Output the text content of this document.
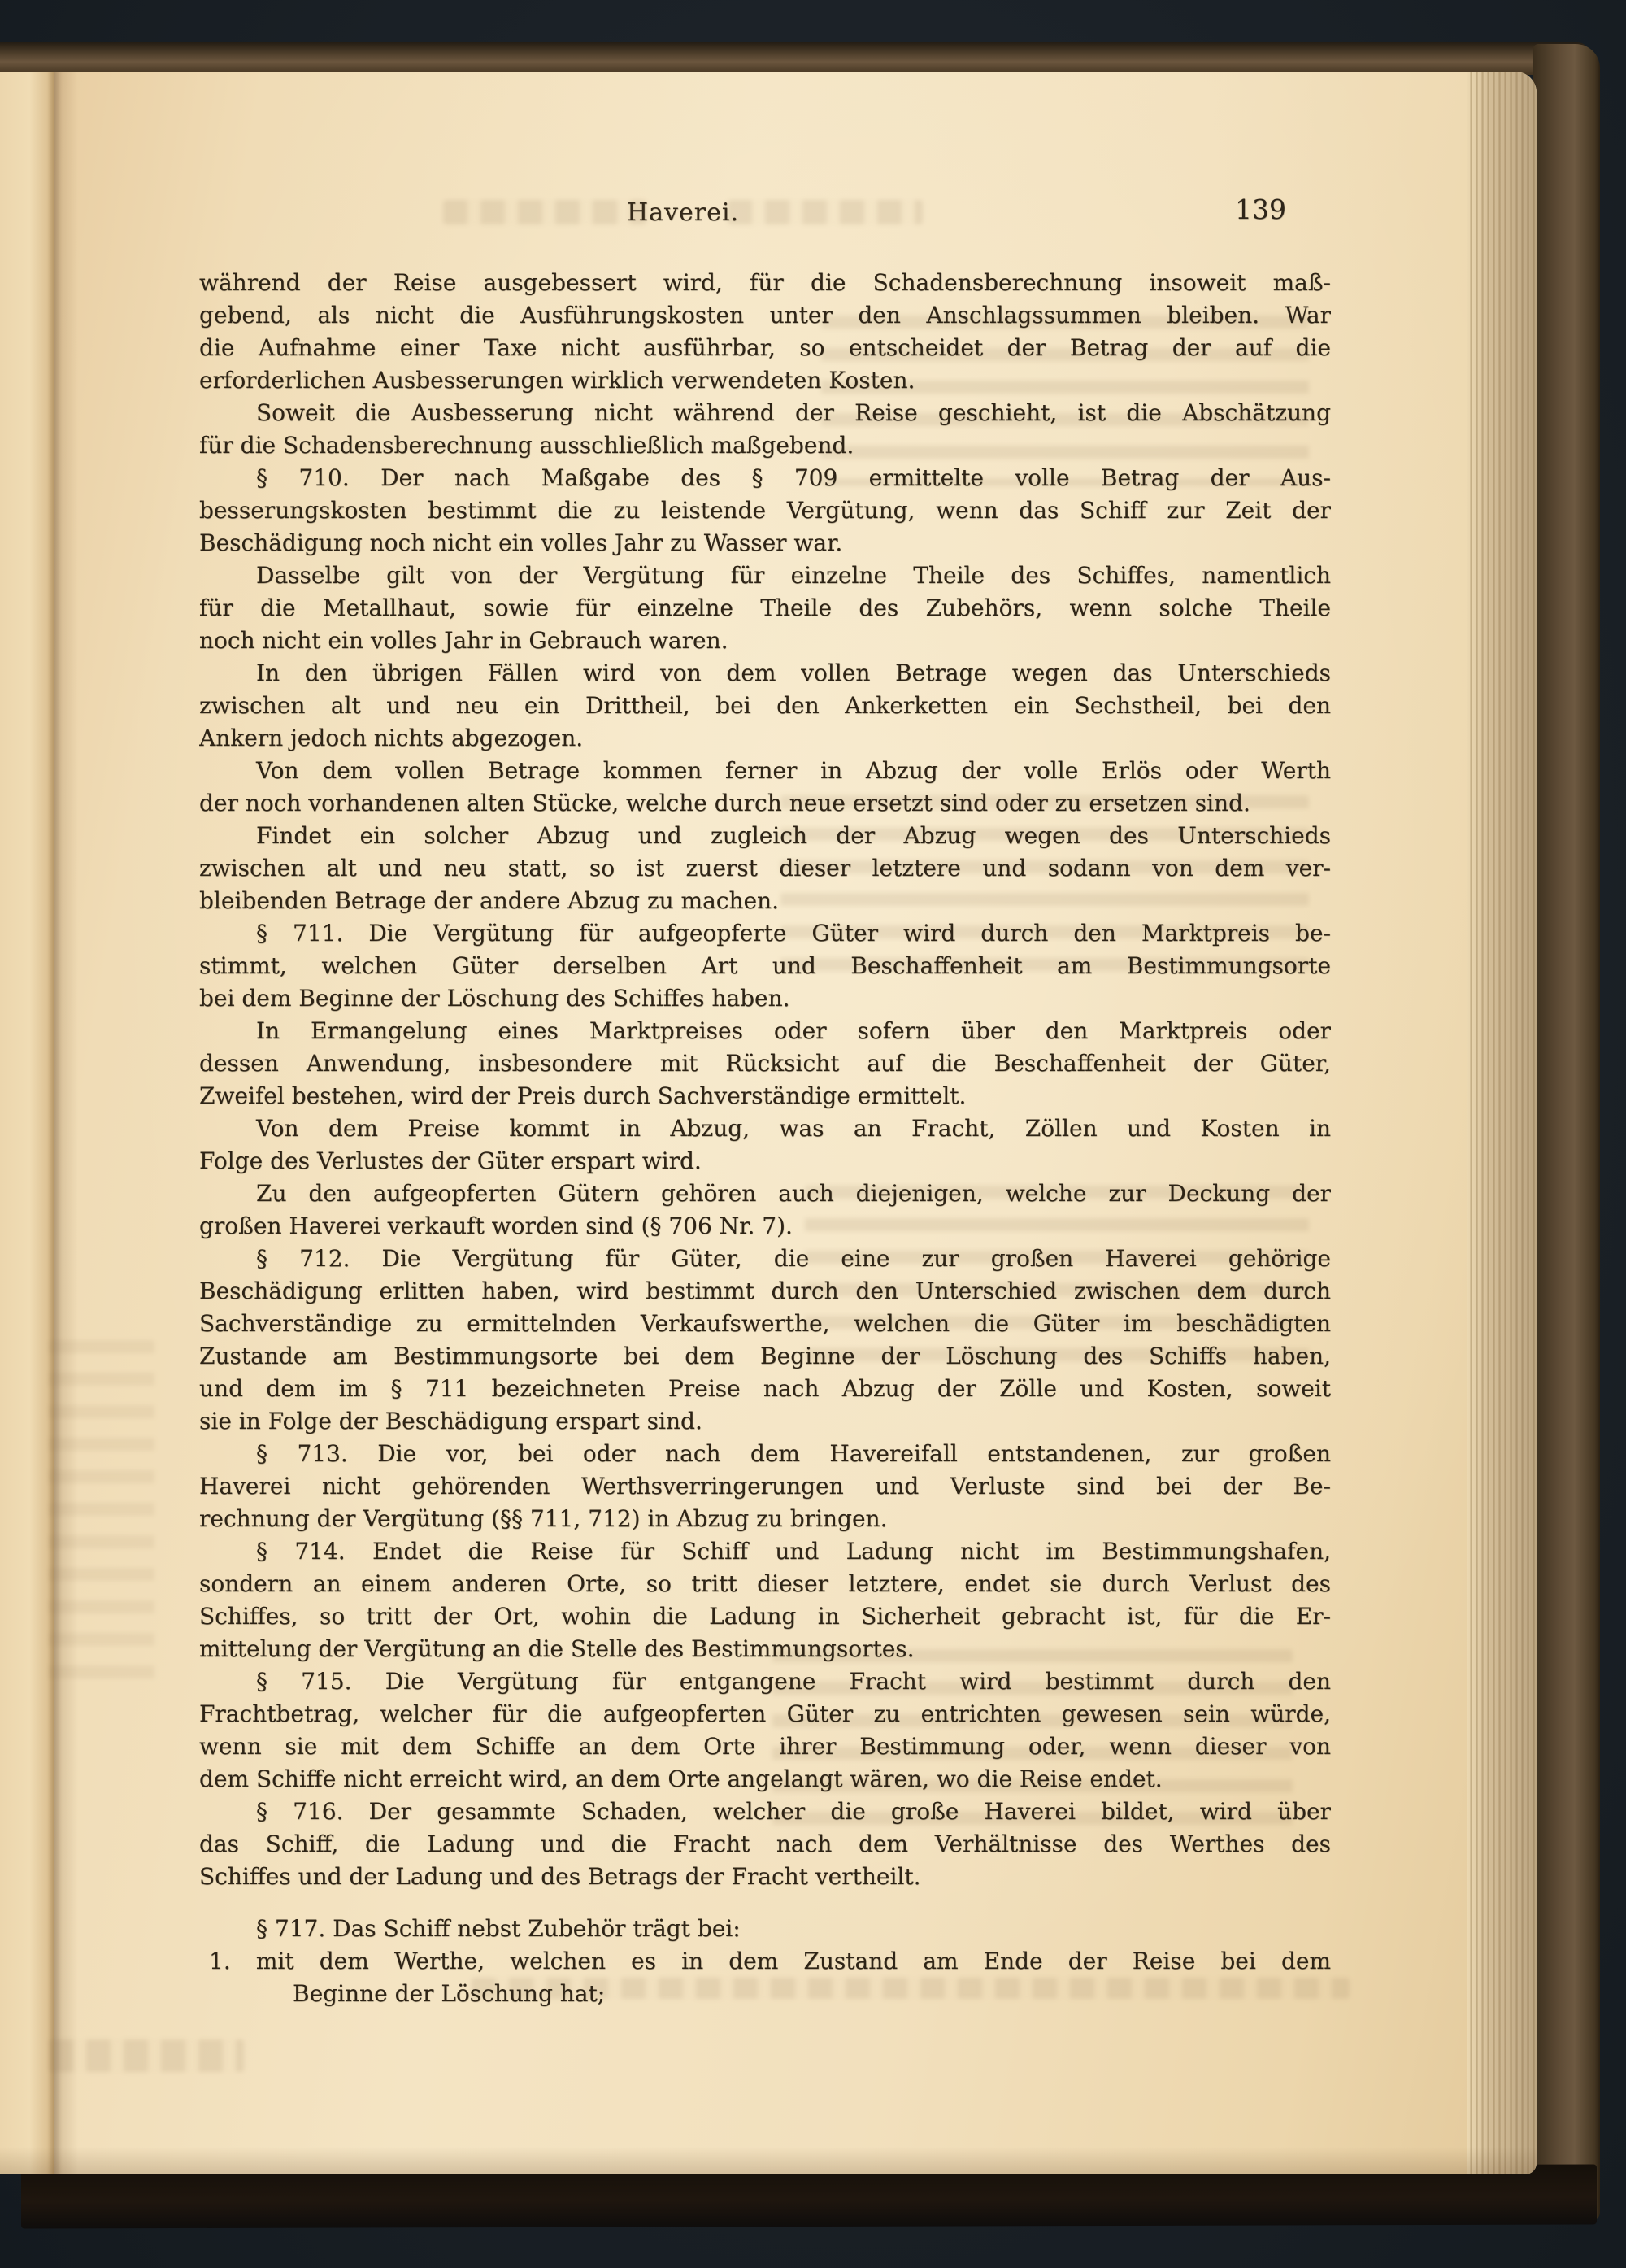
Haverei.	139
während der Reise ausgebessert wird, für die Schadensberechnung insoweit maß-
gebend, als nicht die Ausführungskosten unter den Anschlagssummen bleiben. War
die Aufnahme einer Taxe nicht ausführbar, so entscheidet der Betrag der auf die
erforderlichen Ausbesserungen wirklich verwendeten Kosten.
Soweit die Ausbesserung nicht während der Reise geschieht, ist die Abschätzung
für die Schadensberechnung ausschließlich maßgebend.
§ 710. Der nach Maßgabe des § 709 ermittelte volle Betrag der Aus-
besserungskosten bestimmt die zu leistende Vergütung, wenn das Schiff zur Zeit der
Beschädigung noch nicht ein volles Jahr zu Wasser war.
Dasselbe gilt von der Vergütung für einzelne Theile des Schiffes, namentlich
für die Metallhaut, sowie für einzelne Theile des Zubehörs, wenn solche Theile
noch nicht ein volles Jahr in Gebrauch waren.
In den übrigen Fällen wird von dem vollen Betrage wegen das Unterschieds
zwischen alt und neu ein Drittheil, bei den Ankerketten ein Sechstheil, bei den
Ankern jedoch nichts abgezogen.
Von dem vollen Betrage kommen ferner in Abzug der volle Erlös oder Werth
der noch vorhandenen alten Stücke, welche durch neue ersetzt sind oder zu ersetzen sind.
Findet ein solcher Abzug und zugleich der Abzug wegen des Unterschieds
zwischen alt und neu statt, so ist zuerst dieser letztere und sodann von dem ver-
bleibenden Betrage der andere Abzug zu machen.
§ 711. Die Vergütung für aufgeopferte Güter wird durch den Marktpreis be-
stimmt, welchen Güter derselben Art und Beschaffenheit am Bestimmungsorte
bei dem Beginne der Löschung des Schiffes haben.
In Ermangelung eines Marktpreises oder sofern über den Marktpreis oder
dessen Anwendung, insbesondere mit Rücksicht auf die Beschaffenheit der Güter,
Zweifel bestehen, wird der Preis durch Sachverständige ermittelt.
Von dem Preise kommt in Abzug, was an Fracht, Zöllen und Kosten in
Folge des Verlustes der Güter erspart wird.
Zu den aufgeopferten Gütern gehören auch diejenigen, welche zur Deckung der
großen Haverei verkauft worden sind (§ 706 Nr. 7).
§ 712. Die Vergütung für Güter, die eine zur großen Haverei gehörige
Beschädigung erlitten haben, wird bestimmt durch den Unterschied zwischen dem durch
Sachverständige zu ermittelnden Verkaufswerthe, welchen die Güter im beschädigten
Zustande am Bestimmungsorte bei dem Beginne der Löschung des Schiffs haben,
und dem im § 711 bezeichneten Preise nach Abzug der Zölle und Kosten, soweit
sie in Folge der Beschädigung erspart sind.
§ 713. Die vor, bei oder nach dem Havereifall entstandenen, zur großen
Haverei nicht gehörenden Werthsverringerungen und Verluste sind bei der Be-
rechnung der Vergütung (§§ 711, 712) in Abzug zu bringen.
§ 714. Endet die Reise für Schiff und Ladung nicht im Bestimmungshafen,
sondern an einem anderen Orte, so tritt dieser letztere, endet sie durch Verlust des
Schiffes, so tritt der Ort, wohin die Ladung in Sicherheit gebracht ist, für die Er-
mittelung der Vergütung an die Stelle des Bestimmungsortes.
§ 715. Die Vergütung für entgangene Fracht wird bestimmt durch den
Frachtbetrag, welcher für die aufgeopferten Güter zu entrichten gewesen sein würde,
wenn sie mit dem Schiffe an dem Orte ihrer Bestimmung oder, wenn dieser von
dem Schiffe nicht erreicht wird, an dem Orte angelangt wären, wo die Reise endet.
§ 716. Der gesammte Schaden, welcher die große Haverei bildet, wird über
das Schiff, die Ladung und die Fracht nach dem Verhältnisse des Werthes des
Schiffes und der Ladung und des Betrags der Fracht vertheilt.
§ 717. Das Schiff nebst Zubehör trägt bei:
1. mit dem Werthe, welchen es in dem Zustand am Ende der Reise bei dem
Beginne der Löschung hat;
